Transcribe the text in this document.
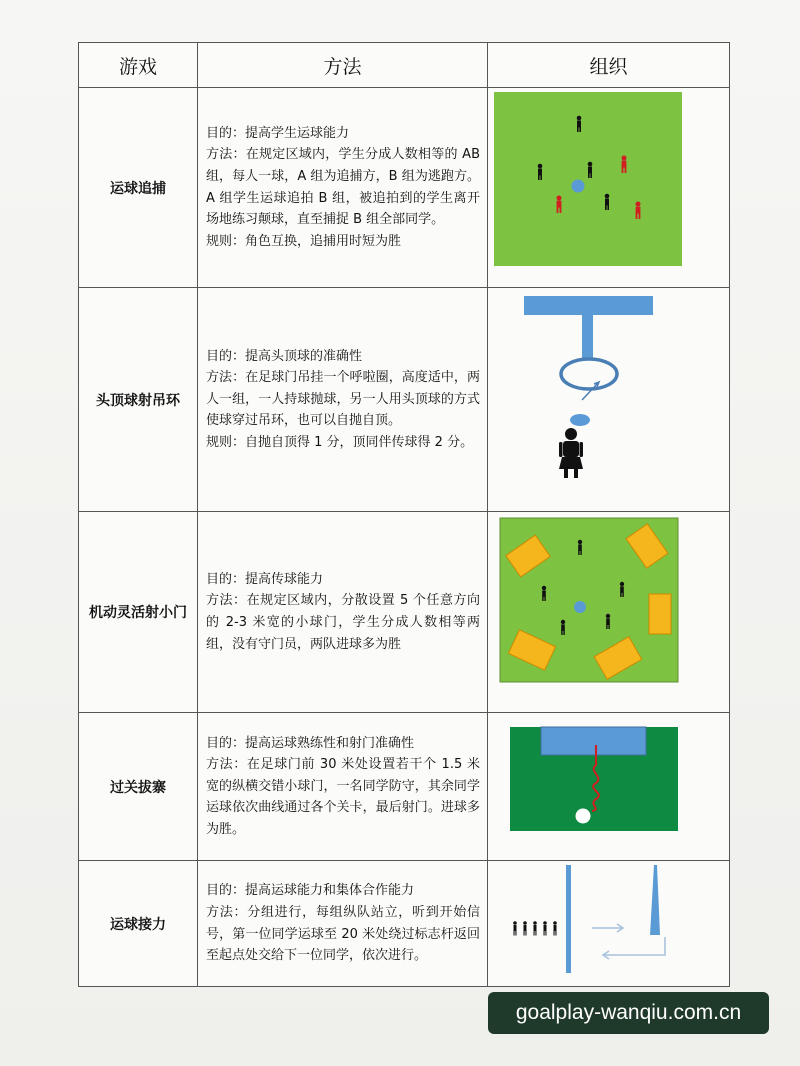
游戏	方法	组织
运球追捕	目的：提高学生运球能力

方法：在规定区域内，学生分成人数相等的 AB 组，每人一球，A 组为追捕方，B 组为逃跑方。A 组学生运球追拍 B 组，被追拍到的学生离开场地练习颠球，直至捕捉 B 组全部同学。

规则：角色互换，追捕用时短为胜

头顶球射吊环	目的：提高头顶球的准确性

方法：在足球门吊挂一个呼啦圈，高度适中，两人一组，一人持球抛球，另一人用头顶球的方式使球穿过吊环，也可以自抛自顶。

规则：自抛自顶得 1 分，顶同伴传球得 2 分。

机动灵活射小门	目的：提高传球能力

方法：在规定区域内，分散设置 5 个任意方向的 2-3 米宽的小球门，学生分成人数相等两组，没有守门员，两队进球多为胜

过关拔寨	目的：提高运球熟练性和射门准确性

方法：在足球门前 30 米处设置若干个 1.5 米宽的纵横交错小球门，一名同学防守，其余同学运球依次曲线通过各个关卡，最后射门。进球多为胜。

运球接力	目的：提高运球能力和集体合作能力

方法：分组进行，每组纵队站立，听到开始信号，第一位同学运球至 20 米处绕过标志杆返回至起点处交给下一位同学，依次进行。

goalplay-wanqiu.com.cn
